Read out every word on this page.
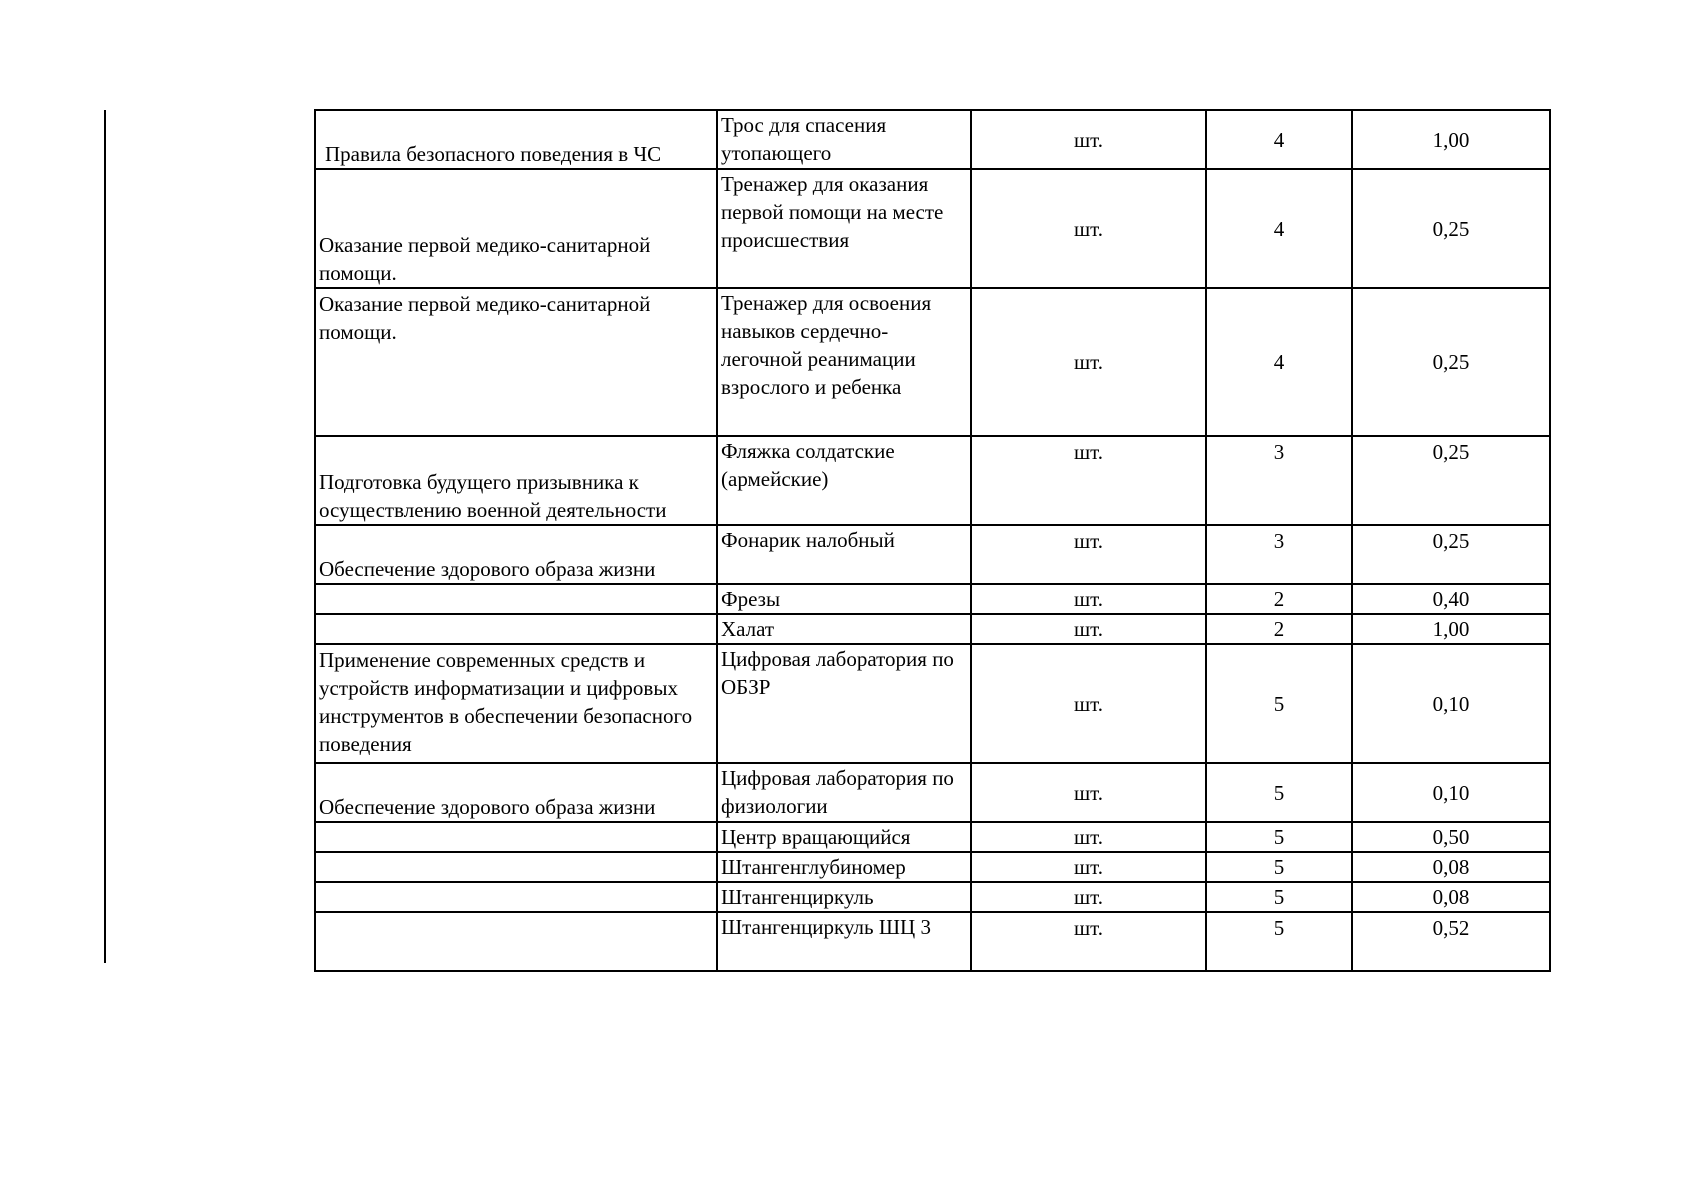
Правила безопасного поведения в ЧС	Трос для спасения утопающего	шт.	4	1,00
Оказание первой медико-санитарной помощи.	Тренажер для оказания первой помощи на месте происшествия	шт.	4	0,25
Оказание первой медико-санитарной помощи.	Тренажер для освоения навыков сердечно-легочной реанимации взрослого и ребенка	шт.	4	0,25
Подготовка будущего призывника к осуществлению военной деятельности	Фляжка солдатские (армейские)	шт.	3	0,25
Обеспечение здорового образа жизни	Фонарик налобный	шт.	3	0,25
	Фрезы	шт.	2	0,40
	Халат	шт.	2	1,00
Применение современных средств и устройств информатизации и цифровых инструментов в обеспечении безопасного поведения	Цифровая лаборатория по ОБЗР	шт.	5	0,10
Обеспечение здорового образа жизни	Цифровая лаборатория по физиологии	шт.	5	0,10
	Центр вращающийся	шт.	5	0,50
	Штангенглубиномер	шт.	5	0,08
	Штангенциркуль	шт.	5	0,08
	Штангенциркуль ШЦ 3	шт.	5	0,52
